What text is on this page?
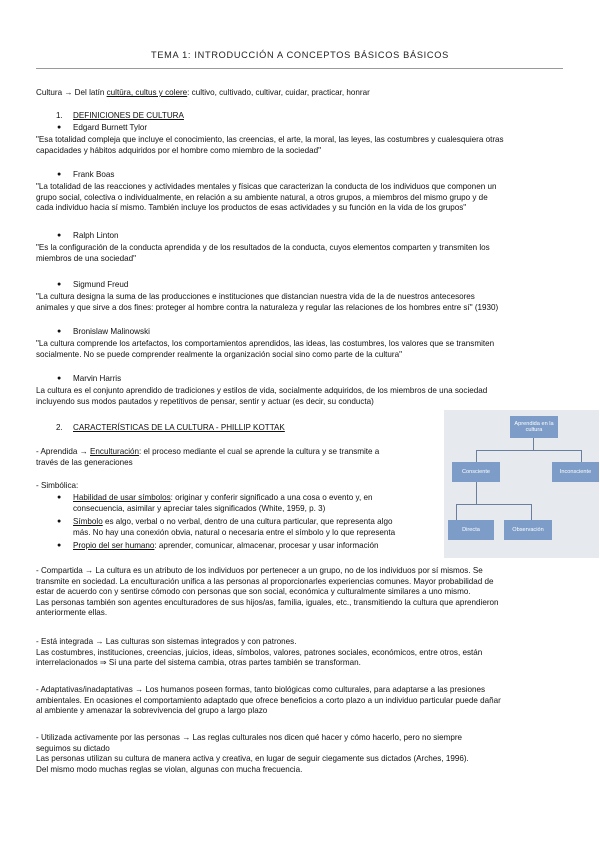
TEMA 1: INTRODUCCIÓN A CONCEPTOS BÁSICOS BÁSICOS
Cultura → Del latín cultūra, cultus y colere: cultivo, cultivado, cultivar, cuidar, practicar, honrar
1. DEFINICIONES DE CULTURA
● Edgard Burnett Tylor
"Esa totalidad compleja que incluye el conocimiento, las creencias, el arte, la moral, las leyes, las costumbres y cualesquiera otras
capacidades y hábitos adquiridos por el hombre como miembro de la sociedad"
● Frank Boas
"La totalidad de las reacciones y actividades mentales y físicas que caracterizan la conducta de los individuos que componen un
grupo social, colectiva o individualmente, en relación a su ambiente natural, a otros grupos, a miembros del mismo grupo y de
cada individuo hacia sí mismo. También incluye los productos de esas actividades y su función en la vida de los grupos"
● Ralph Linton
"Es la configuración de la conducta aprendida y de los resultados de la conducta, cuyos elementos comparten y transmiten los
miembros de una sociedad"
● Sigmund Freud
"La cultura designa la suma de las producciones e instituciones que distancian nuestra vida de la de nuestros antecesores
animales y que sirve a dos fines: proteger al hombre contra la naturaleza y regular las relaciones de los hombres entre sí" (1930)
● Bronislaw Malinowski
"La cultura comprende los artefactos, los comportamientos aprendidos, las ideas, las costumbres, los valores que se transmiten
socialmente. No se puede comprender realmente la organización social sino como parte de la cultura"
● Marvin Harris
La cultura es el conjunto aprendido de tradiciones y estilos de vida, socialmente adquiridos, de los miembros de una sociedad
incluyendo sus modos pautados y repetitivos de pensar, sentir y actuar (es decir, su conducta)
2. CARACTERÍSTICAS DE LA CULTURA - PHILLIP KOTTAK
- Aprendida → Enculturación: el proceso mediante el cual se aprende la cultura y se transmite a
través de las generaciones
- Simbólica:
● Habilidad de usar símbolos: originar y conferir significado a una cosa o evento y, en
consecuencia, asimilar y apreciar tales significados (White, 1959, p. 3)
● Símbolo es algo, verbal o no verbal, dentro de una cultura particular, que representa algo
más. No hay una conexión obvia, natural o necesaria entre el símbolo y lo que representa
● Propio del ser humano: aprender, comunicar, almacenar, procesar y usar información
Aprendida en la cultura
Consciente	Inconsciente
Directa	Observación
- Compartida → La cultura es un atributo de los individuos por pertenecer a un grupo, no de los individuos por sí mismos. Se
transmite en sociedad. La enculturación unifica a las personas al proporcionarles experiencias comunes. Mayor probabilidad de
estar de acuerdo con y sentirse cómodo con personas que son social, económica y culturalmente similares a uno mismo.
Las personas también son agentes enculturadores de sus hijos/as, familia, iguales, etc., transmitiendo la cultura que aprendieron
anteriormente ellas.
- Está integrada → Las culturas son sistemas integrados y con patrones.
Las costumbres, instituciones, creencias, juicios, ideas, símbolos, valores, patrones sociales, económicos, entre otros, están
interrelacionados ⇒ Si una parte del sistema cambia, otras partes también se transforman.
- Adaptativas/inadaptativas → Los humanos poseen formas, tanto biológicas como culturales, para adaptarse a las presiones
ambientales. En ocasiones el comportamiento adaptado que ofrece beneficios a corto plazo a un individuo particular puede dañar
al ambiente y amenazar la sobrevivencia del grupo a largo plazo
- Utilizada activamente por las personas → Las reglas culturales nos dicen qué hacer y cómo hacerlo, pero no siempre
seguimos su dictado
Las personas utilizan su cultura de manera activa y creativa, en lugar de seguir ciegamente sus dictados (Arches, 1996).
Del mismo modo muchas reglas se violan, algunas con mucha frecuencia.
